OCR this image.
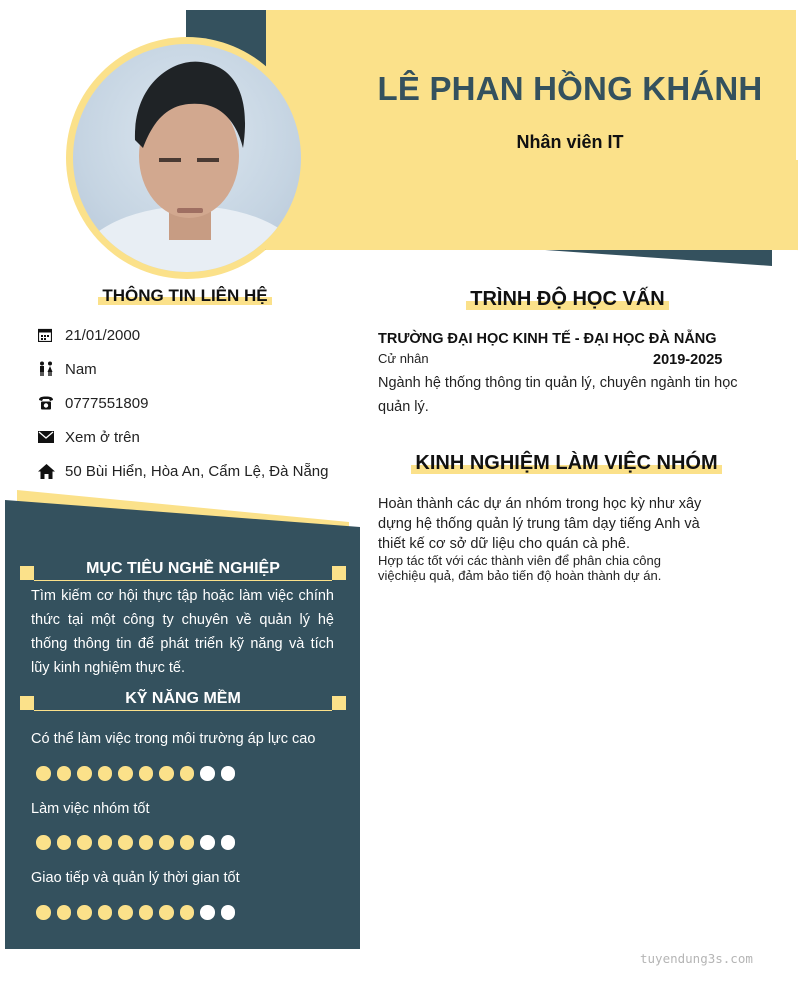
LÊ PHAN HỒNG KHÁNH
Nhân viên IT
THÔNG TIN LIÊN HỆ
21/01/2000
Nam
0777551809
Xem ở trên
50 Bùi Hiển, Hòa An, Cẩm Lệ, Đà Nẵng
MỤC TIÊU NGHỀ NGHIỆP
Tìm kiếm cơ hội thực tập hoặc làm việc chính thức tại một công ty chuyên về quản lý hệ thống thông tin để phát triển kỹ năng và tích lũy kinh nghiệm thực tế.
KỸ NĂNG MỀM
Có thể làm việc trong môi trường áp lực cao
Làm việc nhóm tốt
Giao tiếp và quản lý thời gian tốt
TRÌNH ĐỘ HỌC VẤN
TRƯỜNG ĐẠI HỌC KINH TẾ - ĐẠI HỌC ĐÀ NẴNG
Cử nhân	2019-2025
Ngành hệ thống thông tin quản lý, chuyên ngành tin học quản lý.
KINH NGHIỆM LÀM VIỆC NHÓM
Hoàn thành các dự án nhóm trong học kỳ như xây dựng hệ thống quản lý trung tâm dạy tiếng Anh và thiết kế cơ sở dữ liệu cho quán cà phê.
Hợp tác tốt với các thành viên để phân chia công việchiệu quả, đảm bảo tiến độ hoàn thành dự án.
tuyendung3s.com
